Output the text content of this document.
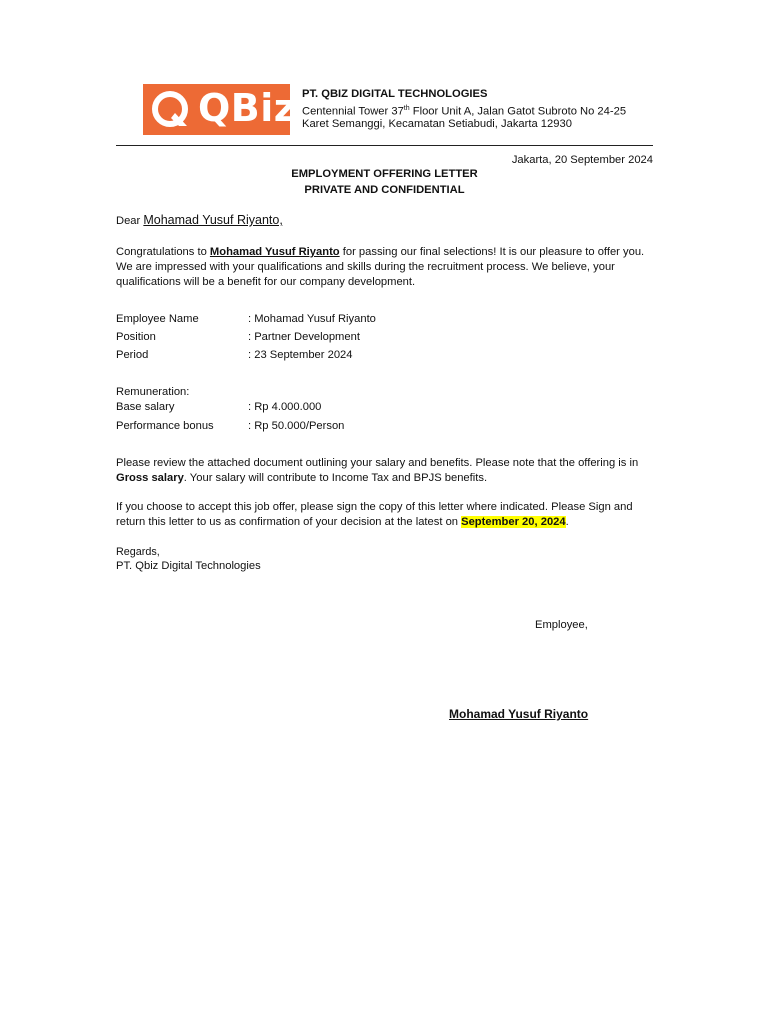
QBiz PT. QBIZ DIGITAL TECHNOLOGIES
Centennial Tower 37th Floor Unit A, Jalan Gatot Subroto No 24-25
Karet Semanggi, Kecamatan Setiabudi, Jakarta 12930
Jakarta, 20 September 2024
EMPLOYMENT OFFERING LETTER
PRIVATE AND CONFIDENTIAL
Dear Mohamad Yusuf Riyanto,
Congratulations to Mohamad Yusuf Riyanto for passing our final selections! It is our pleasure to offer you. We are impressed with your qualifications and skills during the recruitment process. We believe, your qualifications will be a benefit for our company development.
Employee Name	: Mohamad Yusuf Riyanto
Position	: Partner Development
Period	: 23 September 2024
Remuneration:
Base salary	: Rp 4.000.000
Performance bonus	: Rp 50.000/Person
Please review the attached document outlining your salary and benefits. Please note that the offering is in Gross salary. Your salary will contribute to Income Tax and BPJS benefits.
If you choose to accept this job offer, please sign the copy of this letter where indicated. Please Sign and return this letter to us as confirmation of your decision at the latest on September 20, 2024.
Regards,
PT. Qbiz Digital Technologies
Employee,
Mohamad Yusuf Riyanto
